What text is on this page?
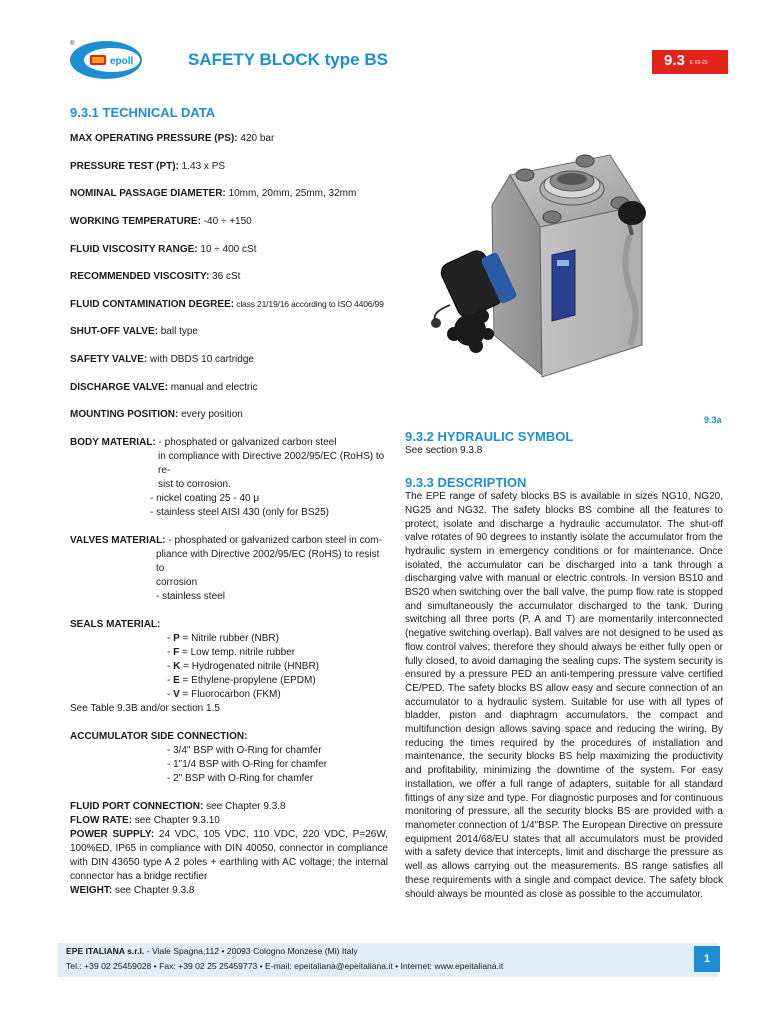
epoll
®
SAFETY BLOCK type BS	9.3 E 03-23
9.3.1 TECHNICAL DATA
MAX OPERATING PRESSURE (PS): 420 bar
PRESSURE TEST (PT): 1.43 x PS
NOMINAL PASSAGE DIAMETER: 10mm, 20mm, 25mm, 32mm
WORKING TEMPERATURE: -40 ÷ +150
FLUID VISCOSITY RANGE: 10 ÷ 400 cSt
RECOMMENDED VISCOSITY: 36 cSt
FLUID CONTAMINATION DEGREE: class 21/19/16 according to ISO 4406/99
SHUT-OFF VALVE: ball type
SAFETY VALVE: with DBDS 10 cartridge
DISCHARGE VALVE: manual and electric
MOUNTING POSITION: every position
BODY MATERIAL: - phosphated or galvanized carbon steel
in compliance with Directive 2002/95/EC (RoHS) to re-
sist to corrosion.
- nickel coating 25 - 40 μ
- stainless steel AISI 430 (only for BS25)
VALVES MATERIAL: - phosphated or galvanized carbon steel in com-
pliance with Directive 2002/95/EC (RoHS) to resist to
corrosion
- stainless steel
SEALS MATERIAL:
- P = Nitrile rubber (NBR)
- F = Low temp. nitrile rubber
- K = Hydrogenated nitrile (HNBR)
- E = Ethylene-propylene (EPDM)
- V = Fluorocarbon (FKM)
See Table 9.3B and/or section 1.5
ACCUMULATOR SIDE CONNECTION:
- 3/4" BSP with O-Ring for chamfer
- 1"1/4 BSP with O-Ring for chamfer
- 2" BSP with O-Ring for chamfer
FLUID PORT CONNECTION: see Chapter 9.3.8
FLOW RATE: see Chapter 9.3.10
POWER SUPPLY: 24 VDC, 105 VDC, 110 VDC, 220 VDC, P=26W, 100%ED, IP65 in compliance with DIN 40050, connector in compliance with DIN 43650 type A 2 poles + earthling with AC voltage; the internal connector has a bridge rectifier
WEIGHT: see Chapter 9.3.8
9.3a
9.3.2 HYDRAULIC SYMBOL
See section 9.3.8
9.3.3 DESCRIPTION

The EPE range of safety blocks BS is available in sizes NG10, NG20, NG25 and NG32. The safety blocks BS combine all the features to protect, isolate and discharge a hydraulic accumulator. The shut-off valve rotates of 90 degrees to instantly isolate the accumulator from the hydraulic system in emergency conditions or for maintenance. Once isolated, the accumulator can be discharged into a tank through a discharging valve with manual or electric controls. In version BS10 and BS20 when switching over the ball valve, the pump flow rate is stopped and simultaneously the accumulator discharged to the tank. During switching all three ports (P, A and T) are momentarily interconnected (negative switching overlap). Ball valves are not designed to be used as flow control valves; therefore they should always be either fully open or fully closed, to avoid damaging the sealing cups. The system security is ensured by a pressure PED an anti-tempering pressure valve certified CE/PED. The safety blocks BS allow easy and secure connection of an accumulator to a hydraulic system. Suitable for use with all types of bladder, piston and diaphragm accumulators, the compact and multifunction design allows saving space and reducing the wiring. By reducing the times required by the procedures of installation and maintenance, the security blocks BS help maximizing the productivity and profitability, minimizing the downtime of the system. For easy installation, we offer a full range of adapters, suitable for all standard fittings of any size and type. For diagnostic purposes and for continuous monitoring of pressure, all the security blocks BS are provided with a manometer connection of 1/4"BSP. The European Directive on pressure equipment 2014/68/EU states that all accumulators must be provided with a safety device that intercepts, limit and discharge the pressure as well as allows carrying out the measurements. BS range satisfies all these requirements with a single and compact device. The safety block should always be mounted as close as possible to the accumulator.

EPE ITALIANA s.r.l. - Viale Spagna,112 • 20093 Cologno Monzese (Mi) Italy
Tel.: +39 02 25459028 • Fax: +39 02 25 25459773 • E-mail: epeitaliana@epeitaliana.it • Internet: www.epeitaliana.it
1
